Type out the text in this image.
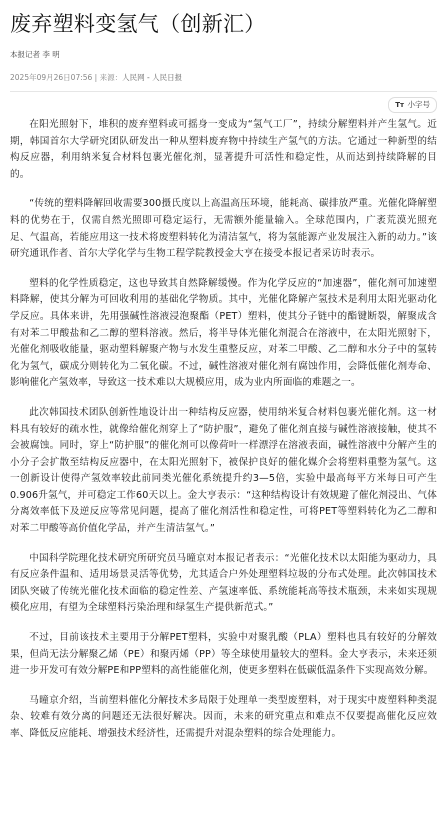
废弃塑料变氢气（创新汇）
本报记者 李 明
2025年09月26日07:56 | 来源：人民网 - 人民日报
Tт 小字号

在阳光照射下，堆积的废弃塑料或可摇身一变成为“氢气工厂”，持续分解塑料并产生氢气。近期，韩国首尔大学研究团队研发出一种从塑料废弃物中持续生产氢气的方法。它通过一种新型的结构反应器，利用纳米复合材料包裹光催化剂，显著提升可活性和稳定性，从而达到持续降解的目的。

“传统的塑料降解回收需要300摄氏度以上高温高压环境，能耗高、碳排放严重。光催化降解塑料的优势在于，仅需自然光照即可稳定运行，无需额外能量输入。全球范围内，广袤荒漠光照充足、气温高，若能应用这一技术将废塑料转化为清洁氢气，将为氢能源产业发展注入新的动力。”该研究通讯作者、首尔大学化学与生物工程学院教授金大亨在接受本报记者采访时表示。

塑料的化学性质稳定，这也导致其自然降解缓慢。作为化学反应的“加速器”，催化剂可加速塑料降解，使其分解为可回收利用的基础化学物质。其中，光催化降解产氢技术是利用太阳光驱动化学反应。具体来讲，先用强碱性溶液浸泡聚酯（PET）塑料，使其分子链中的酯键断裂，解聚成含有对苯二甲酸盐和乙二醇的塑料溶液。然后，将半导体光催化剂混合在溶液中，在太阳光照射下，光催化剂吸收能量，驱动塑料解聚产物与水发生重整反应，对苯二甲酸、乙二醇和水分子中的氢转化为氢气，碳成分则转化为二氧化碳。不过，碱性溶液对催化剂有腐蚀作用，会降低催化剂寿命、影响催化产氢效率，导致这一技术难以大规模应用，成为业内所面临的难题之一。

此次韩国技术团队创新性地设计出一种结构反应器，使用纳米复合材料包裹光催化剂。这一材料具有较好的疏水性，就像给催化剂穿上了“防护服”，避免了催化剂直接与碱性溶液接触，使其不会被腐蚀。同时，穿上“防护服”的催化剂可以像荷叶一样漂浮在溶液表面，碱性溶液中分解产生的小分子会扩散至结构反应器中，在太阳光照射下，被保护良好的催化媒介会将塑料重整为氢气。这一创新设计使得产氢效率较此前同类光催化系统提升约3—5倍，实验中最高每平方米每日可产生0.906升氢气，并可稳定工作60天以上。金大亨表示：“这种结构设计有效规避了催化剂浸出、气体分离效率低下及逆反应等常见问题，提高了催化剂活性和稳定性，可将PET等塑料转化为乙二醇和对苯二甲酸等高价值化学品，并产生清洁氢气。”

中国科学院理化技术研究所研究员马曈京对本报记者表示：“光催化技术以太阳能为驱动力，具有反应条件温和、适用场景灵活等优势，尤其适合户外处理塑料垃圾的分布式处理。此次韩国技术团队突破了传统光催化技术面临的稳定性差、产氢速率低、系统能耗高等技术瓶颈，未来如实现规模化应用，有望为全球塑料污染治理和绿氢生产提供新范式。”

不过，目前该技术主要用于分解PET塑料，实验中对聚乳酸（PLA）塑料也具有较好的分解效果，但尚无法分解聚乙烯（PE）和聚丙烯（PP）等全球使用量较大的塑料。金大亨表示，未来还须进一步开发可有效分解PE和PP塑料的高性能催化剂，使更多塑料在低碳低温条件下实现高效分解。

马曈京介绍，当前塑料催化分解技术多局限于处理单一类型废塑料，对于现实中废塑料种类混杂、较难有效分离的问题还无法很好解决。因而，未来的研究重点和难点不仅要提高催化反应效率、降低反应能耗、增强技术经济性，还需提升对混杂塑料的综合处理能力。
